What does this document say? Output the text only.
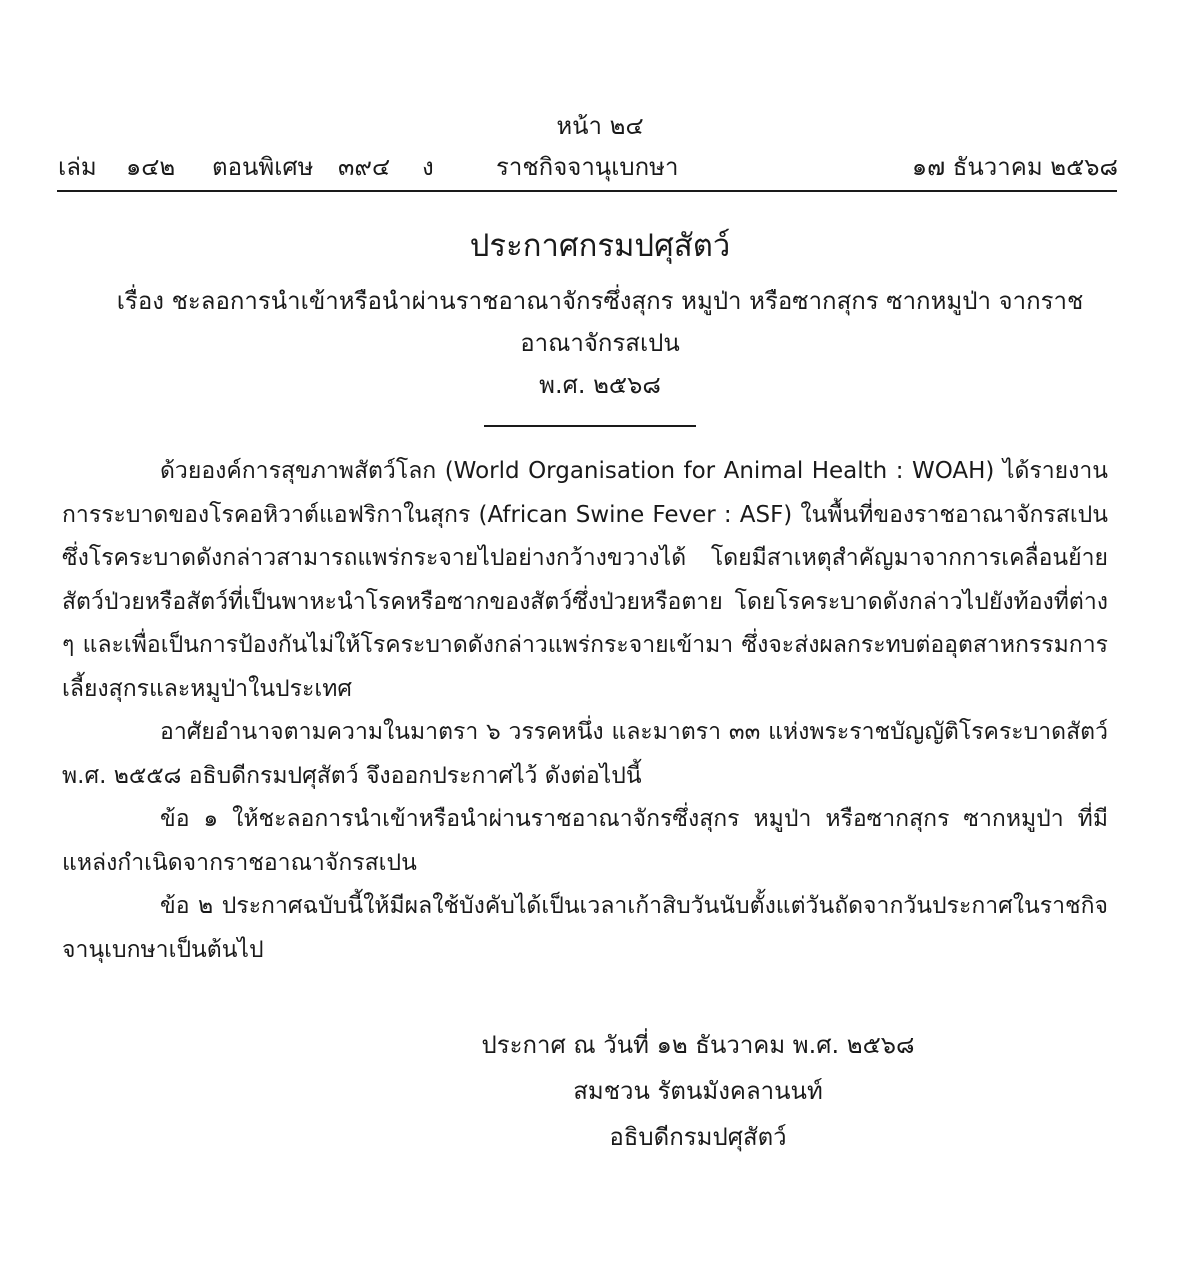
หน้า ๒๔
เล่ม ๑๔๒ ตอนพิเศษ ๓๙๔ ง	ราชกิจจานุเบกษา	๑๗ ธันวาคม ๒๕๖๘
ประกาศกรมปศุสัตว์
เรื่อง ชะลอการนำเข้าหรือนำผ่านราชอาณาจักรซึ่งสุกร หมูป่า หรือซากสุกร ซากหมูป่า จากราชอาณาจักรสเปน
พ.ศ. ๒๕๖๘

ด้วยองค์การสุขภาพสัตว์โลก (World Organisation for Animal Health : WOAH) ได้รายงานการระบาดของโรคอหิวาต์แอฟริกาในสุกร (African Swine Fever : ASF) ในพื้นที่ของราชอาณาจักรสเปน ซึ่งโรคระบาดดังกล่าวสามารถแพร่กระจายไปอย่างกว้างขวางได้ โดยมีสาเหตุสำคัญมาจากการเคลื่อนย้ายสัตว์ป่วยหรือสัตว์ที่เป็นพาหะนำโรคหรือซากของสัตว์ซึ่งป่วยหรือตาย โดยโรคระบาดดังกล่าวไปยังท้องที่ต่าง ๆ และเพื่อเป็นการป้องกันไม่ให้โรคระบาดดังกล่าวแพร่กระจายเข้ามา ซึ่งจะส่งผลกระทบต่ออุตสาหกรรมการเลี้ยงสุกรและหมูป่าในประเทศ

อาศัยอำนาจตามความในมาตรา ๖ วรรคหนึ่ง และมาตรา ๓๓ แห่งพระราชบัญญัติโรคระบาดสัตว์ พ.ศ. ๒๕๕๘ อธิบดีกรมปศุสัตว์ จึงออกประกาศไว้ ดังต่อไปนี้

ข้อ ๑ ให้ชะลอการนำเข้าหรือนำผ่านราชอาณาจักรซึ่งสุกร หมูป่า หรือซากสุกร ซากหมูป่า ที่มีแหล่งกำเนิดจากราชอาณาจักรสเปน

ข้อ ๒ ประกาศฉบับนี้ให้มีผลใช้บังคับได้เป็นเวลาเก้าสิบวันนับตั้งแต่วันถัดจากวันประกาศในราชกิจจานุเบกษาเป็นต้นไป

ประกาศ ณ วันที่ ๑๒ ธันวาคม พ.ศ. ๒๕๖๘
สมชวน รัตนมังคลานนท์
อธิบดีกรมปศุสัตว์
